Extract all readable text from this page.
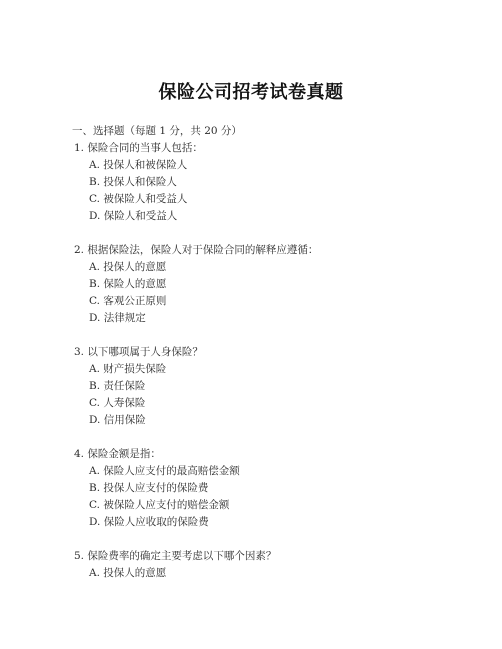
保险公司招考试卷真题
一、选择题（每题 1 分，共 20 分）
1. 保险合同的当事人包括：
A. 投保人和被保险人
B. 投保人和保险人
C. 被保险人和受益人
D. 保险人和受益人
2. 根据保险法，保险人对于保险合同的解释应遵循：
A. 投保人的意愿
B. 保险人的意愿
C. 客观公正原则
D. 法律规定
3. 以下哪项属于人身保险？
A. 财产损失保险
B. 责任保险
C. 人寿保险
D. 信用保险
4. 保险金额是指：
A. 保险人应支付的最高赔偿金额
B. 投保人应支付的保险费
C. 被保险人应支付的赔偿金额
D. 保险人应收取的保险费
5. 保险费率的确定主要考虑以下哪个因素？
A. 投保人的意愿
